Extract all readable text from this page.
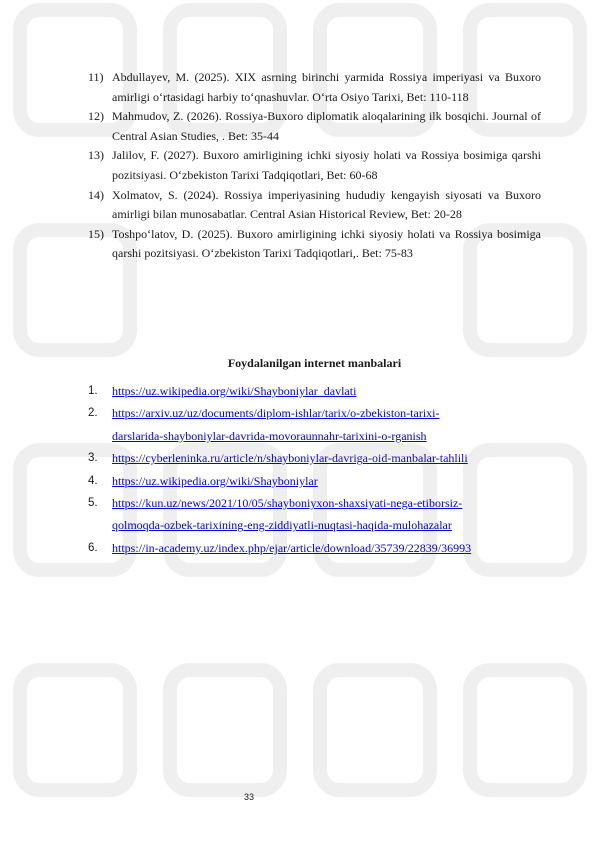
11) Abdullayev, M. (2025). XIX asrning birinchi yarmida Rossiya imperiyasi va Buxoro amirligi o‘rtasidagi harbiy to‘qnashuvlar. O‘rta Osiyo Tarixi, Bet: 110-118
12) Mahmudov, Z. (2026). Rossiya-Buxoro diplomatik aloqalarining ilk bosqichi. Journal of Central Asian Studies, . Bet: 35-44
13) Jalilov, F. (2027). Buxoro amirligining ichki siyosiy holati va Rossiya bosimiga qarshi pozitsiyasi. O‘zbekiston Tarixi Tadqiqotlari, Bet: 60-68
14) Xolmatov, S. (2024). Rossiya imperiyasining hududiy kengayish siyosati va Buxoro amirligi bilan munosabatlar. Central Asian Historical Review, Bet: 20-28
15) Toshpo‘latov, D. (2025). Buxoro amirligining ichki siyosiy holati va Rossiya bosimiga qarshi pozitsiyasi. O‘zbekiston Tarixi Tadqiqotlari,. Bet: 75-83
Foydalanilgan internet manbalari
1.	https://uz.wikipedia.org/wiki/Shayboniylar_davlati
2.	https://arxiv.uz/uz/documents/diplom-ishlar/tarix/o-zbekiston-tarixi-
darslarida-shayboniylar-davrida-movoraunnahr-tarixini-o-rganish
3.	https://cyberleninka.ru/article/n/shayboniylar-davriga-oid-manbalar-tahlili
4.	https://uz.wikipedia.org/wiki/Shayboniylar
5.	https://kun.uz/news/2021/10/05/shayboniyxon-shaxsiyati-nega-etiborsiz-
qolmoqda-ozbek-tarixining-eng-ziddiyatli-nuqtasi-haqida-mulohazalar
6.	https://in-academy.uz/index.php/ejar/article/download/35739/22839/36993
33
